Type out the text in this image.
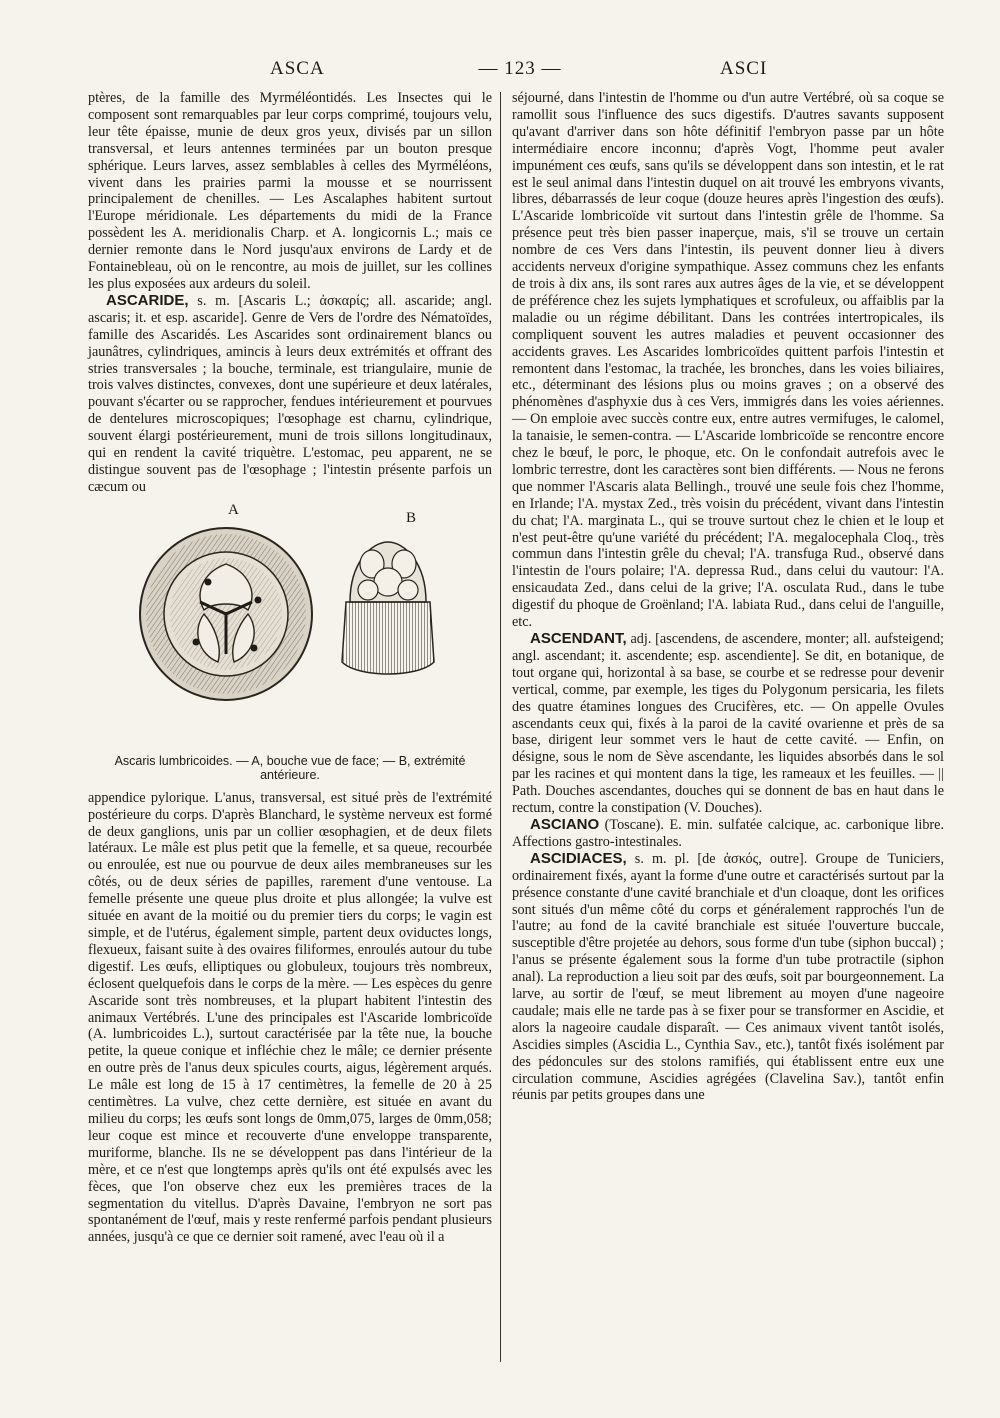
ASCA	— 123 —	ASCI

ptères, de la famille des Myrméléontidés. Les Insectes qui le composent sont remarquables par leur corps comprimé, toujours velu, leur tête épaisse, munie de deux gros yeux, divisés par un sillon transversal, et leurs antennes terminées par un bouton presque sphérique. Leurs larves, assez semblables à celles des Myrméléons, vivent dans les prairies parmi la mousse et se nourrissent principalement de chenilles. — Les Ascalaphes habitent surtout l'Europe méridionale. Les départements du midi de la France possèdent les A. meridionalis Charp. et A. longicornis L.; mais ce dernier remonte dans le Nord jusqu'aux environs de Lardy et de Fontainebleau, où on le rencontre, au mois de juillet, sur les collines les plus exposées aux ardeurs du soleil.

ASCARIDE, s. m. [Ascaris L.; ἀσκαρίς; all. ascaride; angl. ascaris; it. et esp. ascaride]. Genre de Vers de l'ordre des Nématoïdes, famille des Ascaridés. Les Ascarides sont ordinairement blancs ou jaunâtres, cylindriques, amincis à leurs deux extrémités et offrant des stries transversales ; la bouche, terminale, est triangulaire, munie de trois valves distinctes, convexes, dont une supérieure et deux latérales, pouvant s'écarter ou se rapprocher, fendues intérieurement et pourvues de dentelures microscopiques; l'œsophage est charnu, cylindrique, souvent élargi postérieurement, muni de trois sillons longitudinaux, qui en rendent la cavité triquètre. L'estomac, peu apparent, ne se distingue souvent pas de l'œsophage ; l'intestin présente parfois un cæcum ou

A	B
Ascaris lumbricoides. — A, bouche vue de face; — B, extrémité antérieure.

appendice pylorique. L'anus, transversal, est situé près de l'extrémité postérieure du corps. D'après Blanchard, le système nerveux est formé de deux ganglions, unis par un collier œsophagien, et de deux filets latéraux. Le mâle est plus petit que la femelle, et sa queue, recourbée ou enroulée, est nue ou pourvue de deux ailes membraneuses sur les côtés, ou de deux séries de papilles, rarement d'une ventouse. La femelle présente une queue plus droite et plus allongée; la vulve est située en avant de la moitié ou du premier tiers du corps; le vagin est simple, et de l'utérus, également simple, partent deux oviductes longs, flexueux, faisant suite à des ovaires filiformes, enroulés autour du tube digestif. Les œufs, elliptiques ou globuleux, toujours très nombreux, éclosent quelquefois dans le corps de la mère. — Les espèces du genre Ascaride sont très nombreuses, et la plupart habitent l'intestin des animaux Vertébrés. L'une des principales est l'Ascaride lombricoïde (A. lumbricoides L.), surtout caractérisée par la tête nue, la bouche petite, la queue conique et infléchie chez le mâle; ce dernier présente en outre près de l'anus deux spicules courts, aigus, légèrement arqués. Le mâle est long de 15 à 17 centimètres, la femelle de 20 à 25 centimètres. La vulve, chez cette dernière, est située en avant du milieu du corps; les œufs sont longs de 0mm,075, larges de 0mm,058; leur coque est mince et recouverte d'une enveloppe transparente, muriforme, blanche. Ils ne se développent pas dans l'intérieur de la mère, et ce n'est que longtemps après qu'ils ont été expulsés avec les fèces, que l'on observe chez eux les premières traces de la segmentation du vitellus. D'après Davaine, l'embryon ne sort pas spontanément de l'œuf, mais y reste renfermé parfois pendant plusieurs années, jusqu'à ce que ce dernier soit ramené, avec l'eau où il a

séjourné, dans l'intestin de l'homme ou d'un autre Vertébré, où sa coque se ramollit sous l'influence des sucs digestifs. D'autres savants supposent qu'avant d'arriver dans son hôte définitif l'embryon passe par un hôte intermédiaire encore inconnu; d'après Vogt, l'homme peut avaler impunément ces œufs, sans qu'ils se développent dans son intestin, et le rat est le seul animal dans l'intestin duquel on ait trouvé les embryons vivants, libres, débarrassés de leur coque (douze heures après l'ingestion des œufs). L'Ascaride lombricoïde vit surtout dans l'intestin grêle de l'homme. Sa présence peut très bien passer inaperçue, mais, s'il se trouve un certain nombre de ces Vers dans l'intestin, ils peuvent donner lieu à divers accidents nerveux d'origine sympathique. Assez communs chez les enfants de trois à dix ans, ils sont rares aux autres âges de la vie, et se développent de préférence chez les sujets lymphatiques et scrofuleux, ou affaiblis par la maladie ou un régime débilitant. Dans les contrées intertropicales, ils compliquent souvent les autres maladies et peuvent occasionner des accidents graves. Les Ascarides lombricoïdes quittent parfois l'intestin et remontent dans l'estomac, la trachée, les bronches, dans les voies biliaires, etc., déterminant des lésions plus ou moins graves ; on a observé des phénomènes d'asphyxie dus à ces Vers, immigrés dans les voies aériennes. — On emploie avec succès contre eux, entre autres vermifuges, le calomel, la tanaisie, le semen-contra. — L'Ascaride lombricoïde se rencontre encore chez le bœuf, le porc, le phoque, etc. On le confondait autrefois avec le lombric terrestre, dont les caractères sont bien différents. — Nous ne ferons que nommer l'Ascaris alata Bellingh., trouvé une seule fois chez l'homme, en Irlande; l'A. mystax Zed., très voisin du précédent, vivant dans l'intestin du chat; l'A. marginata L., qui se trouve surtout chez le chien et le loup et n'est peut-être qu'une variété du précédent; l'A. megalocephala Cloq., très commun dans l'intestin grêle du cheval; l'A. transfuga Rud., observé dans l'intestin de l'ours polaire; l'A. depressa Rud., dans celui du vautour: l'A. ensicaudata Zed., dans celui de la grive; l'A. osculata Rud., dans le tube digestif du phoque de Groënland; l'A. labiata Rud., dans celui de l'anguille, etc.

ASCENDANT, adj. [ascendens, de ascendere, monter; all. aufsteigend; angl. ascendant; it. ascendente; esp. ascendiente]. Se dit, en botanique, de tout organe qui, horizontal à sa base, se courbe et se redresse pour devenir vertical, comme, par exemple, les tiges du Polygonum persicaria, les filets des quatre étamines longues des Crucifères, etc. — On appelle Ovules ascendants ceux qui, fixés à la paroi de la cavité ovarienne et près de sa base, dirigent leur sommet vers le haut de cette cavité. — Enfin, on désigne, sous le nom de Sève ascendante, les liquides absorbés dans le sol par les racines et qui montent dans la tige, les rameaux et les feuilles. — || Path. Douches ascendantes, douches qui se donnent de bas en haut dans le rectum, contre la constipation (V. Douches).

ASCIANO (Toscane). E. min. sulfatée calcique, ac. carbonique libre. Affections gastro-intestinales.

ASCIDIACES, s. m. pl. [de ἀσκός, outre]. Groupe de Tuniciers, ordinairement fixés, ayant la forme d'une outre et caractérisés surtout par la présence constante d'une cavité branchiale et d'un cloaque, dont les orifices sont situés d'un même côté du corps et généralement rapprochés l'un de l'autre; au fond de la cavité branchiale est située l'ouverture buccale, susceptible d'être projetée au dehors, sous forme d'un tube (siphon buccal) ; l'anus se présente également sous la forme d'un tube protractile (siphon anal). La reproduction a lieu soit par des œufs, soit par bourgeonnement. La larve, au sortir de l'œuf, se meut librement au moyen d'une nageoire caudale; mais elle ne tarde pas à se fixer pour se transformer en Ascidie, et alors la nageoire caudale disparaît. — Ces animaux vivent tantôt isolés, Ascidies simples (Ascidia L., Cynthia Sav., etc.), tantôt fixés isolément par des pédoncules sur des stolons ramifiés, qui établissent entre eux une circulation commune, Ascidies agrégées (Clavelina Sav.), tantôt enfin réunis par petits groupes dans une
